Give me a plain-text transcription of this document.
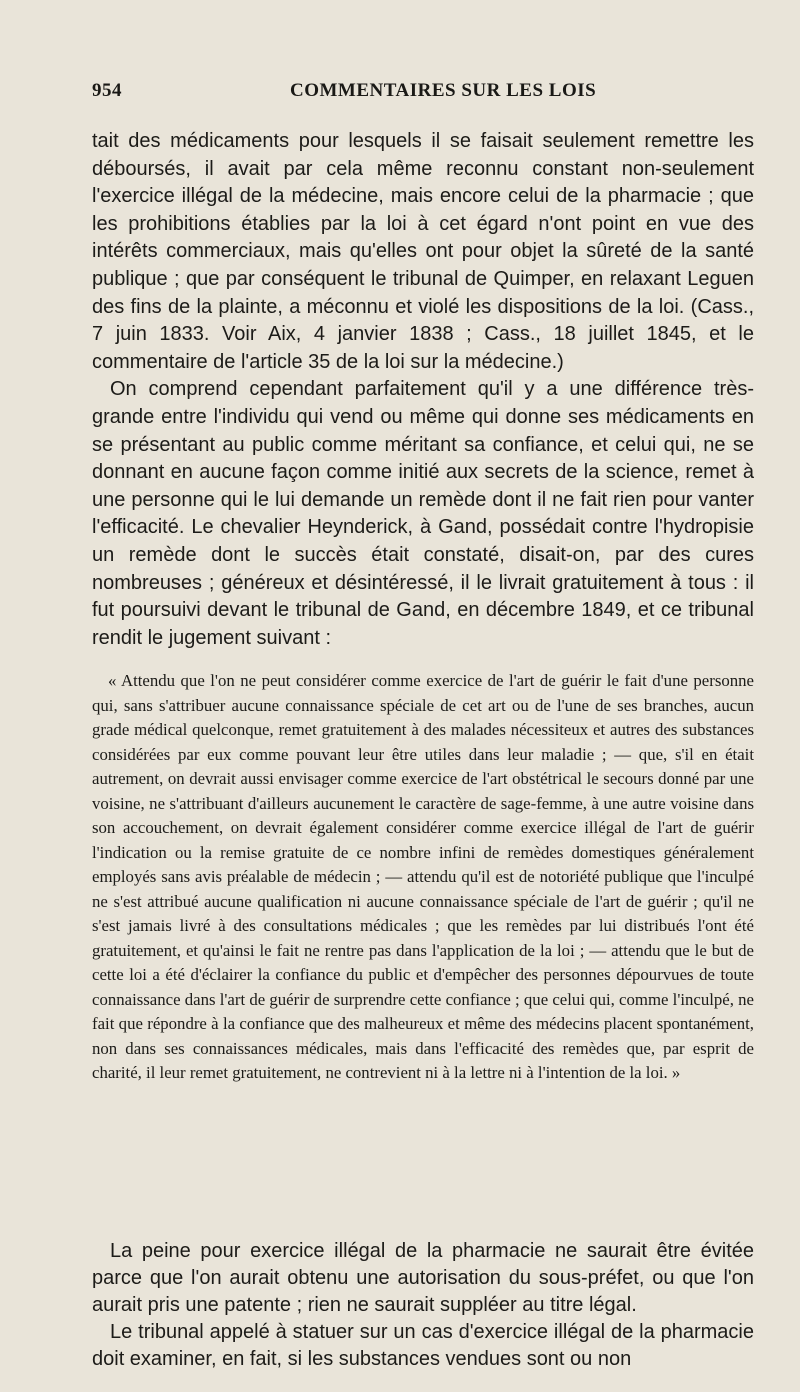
954	COMMENTAIRES SUR LES LOIS

tait des médicaments pour lesquels il se faisait seulement remettre les déboursés, il avait par cela même reconnu constant non-seulement l'exercice illégal de la médecine, mais encore celui de la pharmacie ; que les prohibitions établies par la loi à cet égard n'ont point en vue des intérêts commerciaux, mais qu'elles ont pour objet la sûreté de la santé publique ; que par conséquent le tribunal de Quimper, en relaxant Leguen des fins de la plainte, a méconnu et violé les dispositions de la loi. (Cass., 7 juin 1833. Voir Aix, 4 janvier 1838 ; Cass., 18 juillet 1845, et le commentaire de l'article 35 de la loi sur la médecine.)

On comprend cependant parfaitement qu'il y a une différence très-grande entre l'individu qui vend ou même qui donne ses médicaments en se présentant au public comme méritant sa confiance, et celui qui, ne se donnant en aucune façon comme initié aux secrets de la science, remet à une personne qui le lui demande un remède dont il ne fait rien pour vanter l'efficacité. Le chevalier Heynderick, à Gand, possédait contre l'hydropisie un remède dont le succès était constaté, disait-on, par des cures nombreuses ; généreux et désintéressé, il le livrait gratuitement à tous : il fut poursuivi devant le tribunal de Gand, en décembre 1849, et ce tribunal rendit le jugement suivant :

« Attendu que l'on ne peut considérer comme exercice de l'art de guérir le fait d'une personne qui, sans s'attribuer aucune connaissance spéciale de cet art ou de l'une de ses branches, aucun grade médical quelconque, remet gratuitement à des malades nécessiteux et autres des substances considérées par eux comme pouvant leur être utiles dans leur maladie ; — que, s'il en était autrement, on devrait aussi envisager comme exercice de l'art obstétrical le secours donné par une voisine, ne s'attribuant d'ailleurs aucunement le caractère de sage-femme, à une autre voisine dans son accouchement, on devrait également considérer comme exercice illégal de l'art de guérir l'indication ou la remise gratuite de ce nombre infini de remèdes domestiques généralement employés sans avis préalable de médecin ; — attendu qu'il est de notoriété publique que l'inculpé ne s'est attribué aucune qualification ni aucune connaissance spéciale de l'art de guérir ; qu'il ne s'est jamais livré à des consultations médicales ; que les remèdes par lui distribués l'ont été gratuitement, et qu'ainsi le fait ne rentre pas dans l'application de la loi ; — attendu que le but de cette loi a été d'éclairer la confiance du public et d'empêcher des personnes dépourvues de toute connaissance dans l'art de guérir de surprendre cette confiance ; que celui qui, comme l'inculpé, ne fait que répondre à la confiance que des malheureux et même des médecins placent spontanément, non dans ses connaissances médicales, mais dans l'efficacité des remèdes que, par esprit de charité, il leur remet gratuitement, ne contrevient ni à la lettre ni à l'intention de la loi. »

La peine pour exercice illégal de la pharmacie ne saurait être évitée parce que l'on aurait obtenu une autorisation du sous-préfet, ou que l'on aurait pris une patente ; rien ne saurait suppléer au titre légal.

Le tribunal appelé à statuer sur un cas d'exercice illégal de la pharmacie doit examiner, en fait, si les substances vendues sont ou non
